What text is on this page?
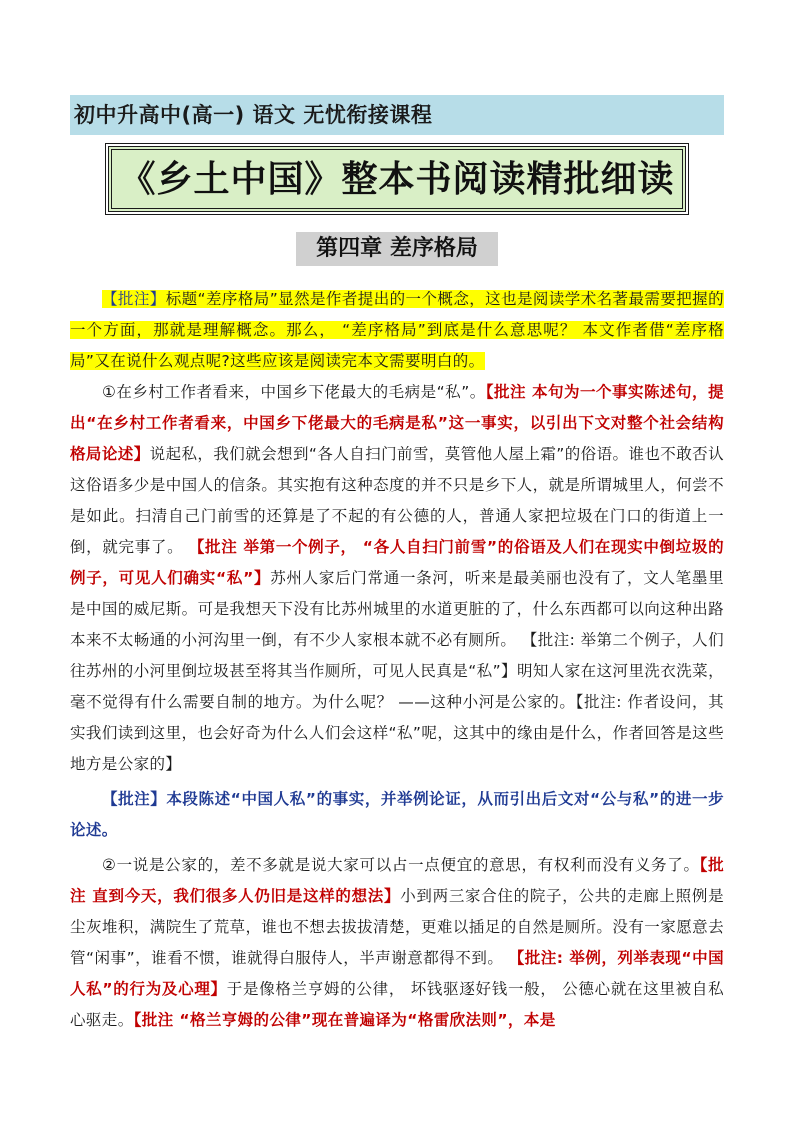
初中升高中(高一) 语文 无忧衔接课程
《乡土中国》整本书阅读精批细读
第四章 差序格局

【批注】标题“差序格局”显然是作者提出的一个概念，这也是阅读学术名著最需要把握的一个方面，那就是理解概念。那么， “差序格局”到底是什么意思呢？ 本文作者借“差序格局”又在说什么观点呢?这些应该是阅读完本文需要明白的。

①在乡村工作者看来，中国乡下佬最大的毛病是“私”。【批注 本句为一个事实陈述句，提出“在乡村工作者看来，中国乡下佬最大的毛病是私”这一事实，以引出下文对整个社会结构格局论述】说起私，我们就会想到“各人自扫门前雪，莫管他人屋上霜”的俗语。谁也不敢否认这俗语多少是中国人的信条。其实抱有这种态度的并不只是乡下人，就是所谓城里人，何尝不是如此。扫清自己门前雪的还算是了不起的有公德的人，普通人家把垃圾在门口的街道上一倒，就完事了。 【批注 举第一个例子， “各人自扫门前雪”的俗语及人们在现实中倒垃圾的例子，可见人们确实“私”】苏州人家后门常通一条河，听来是最美丽也没有了，文人笔墨里是中国的威尼斯。可是我想天下没有比苏州城里的水道更脏的了，什么东西都可以向这种出路本来不太畅通的小河沟里一倒，有不少人家根本就不必有厕所。 【批注: 举第二个例子，人们往苏州的小河里倒垃圾甚至将其当作厕所，可见人民真是“私”】明知人家在这河里洗衣洗菜，毫不觉得有什么需要自制的地方。为什么呢？ ——这种小河是公家的。【批注: 作者设问，其实我们读到这里，也会好奇为什么人们会这样“私”呢，这其中的缘由是什么，作者回答是这些地方是公家的】

【批注】本段陈述“中国人私”的事实，并举例论证，从而引出后文对“公与私”的进一步论述。

②一说是公家的，差不多就是说大家可以占一点便宜的意思，有权利而没有义务了。【批注 直到今天，我们很多人仍旧是这样的想法】小到两三家合住的院子，公共的走廊上照例是尘灰堆积，满院生了荒草，谁也不想去拔拔清楚，更难以插足的自然是厕所。没有一家愿意去管“闲事”，谁看不惯，谁就得白服侍人，半声谢意都得不到。 【批注: 举例，列举表现“中国人私”的行为及心理】于是像格兰亨姆的公律， 坏钱驱逐好钱一般， 公德心就在这里被自私心驱走。【批注 “格兰亨姆的公律”现在普遍译为“格雷欣法则”，本是
